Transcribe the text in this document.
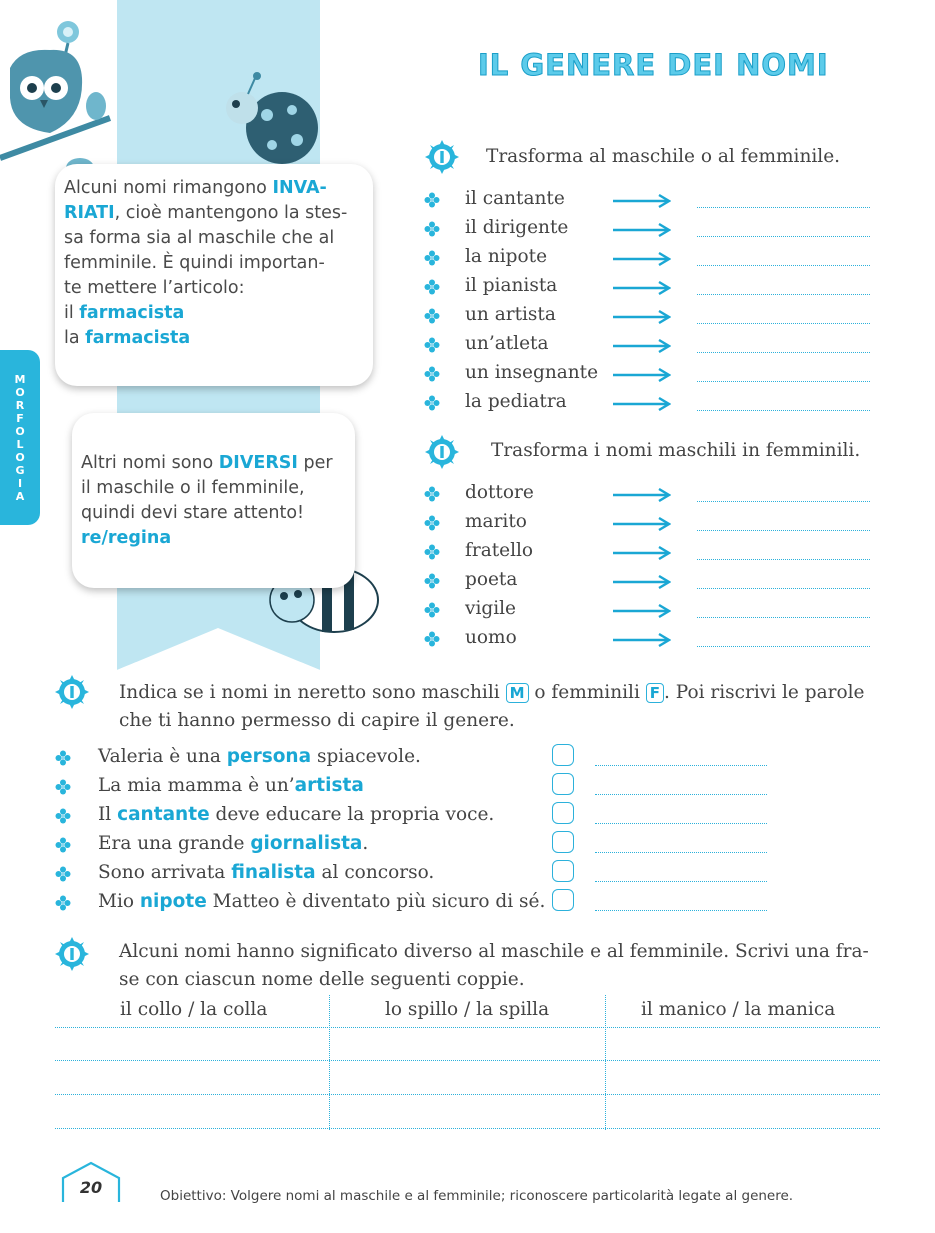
M
O
R
F
O
L
O
G
I
A
IL GENERE DEI NOMI
Alcuni nomi rimangono INVA-
RIATI, cioè mantengono la stes-
sa forma sia al maschile che al
femminile. È quindi importan-
te mettere l’articolo:
il farmacista
la farmacista
Altri nomi sono DIVERSI per
il maschile o il femminile,
quindi devi stare attento!
re/regina
Trasforma al maschile o al femminile.
il cantante
il dirigente
la nipote
il pianista
un artista
un’atleta
un insegnante
la pediatra
Trasforma i nomi maschili in femminili.
dottore
marito
fratello
poeta
vigile
uomo
Indica se i nomi in neretto sono maschili M o femminili F . Poi riscrivi le parole
che ti hanno permesso di capire il genere.
Valeria è una persona spiacevole.
La mia mamma è un’artista
Il cantante deve educare la propria voce.
Era una grande giornalista.
Sono arrivata finalista al concorso.
Mio nipote Matteo è diventato più sicuro di sé.
Alcuni nomi hanno significato diverso al maschile e al femminile. Scrivi una fra-
se con ciascun nome delle seguenti coppie.
il collo / la colla	lo spillo / la spilla	il manico / la manica
20	Obiettivo: Volgere nomi al maschile e al femminile; riconoscere particolarità legate al genere.
